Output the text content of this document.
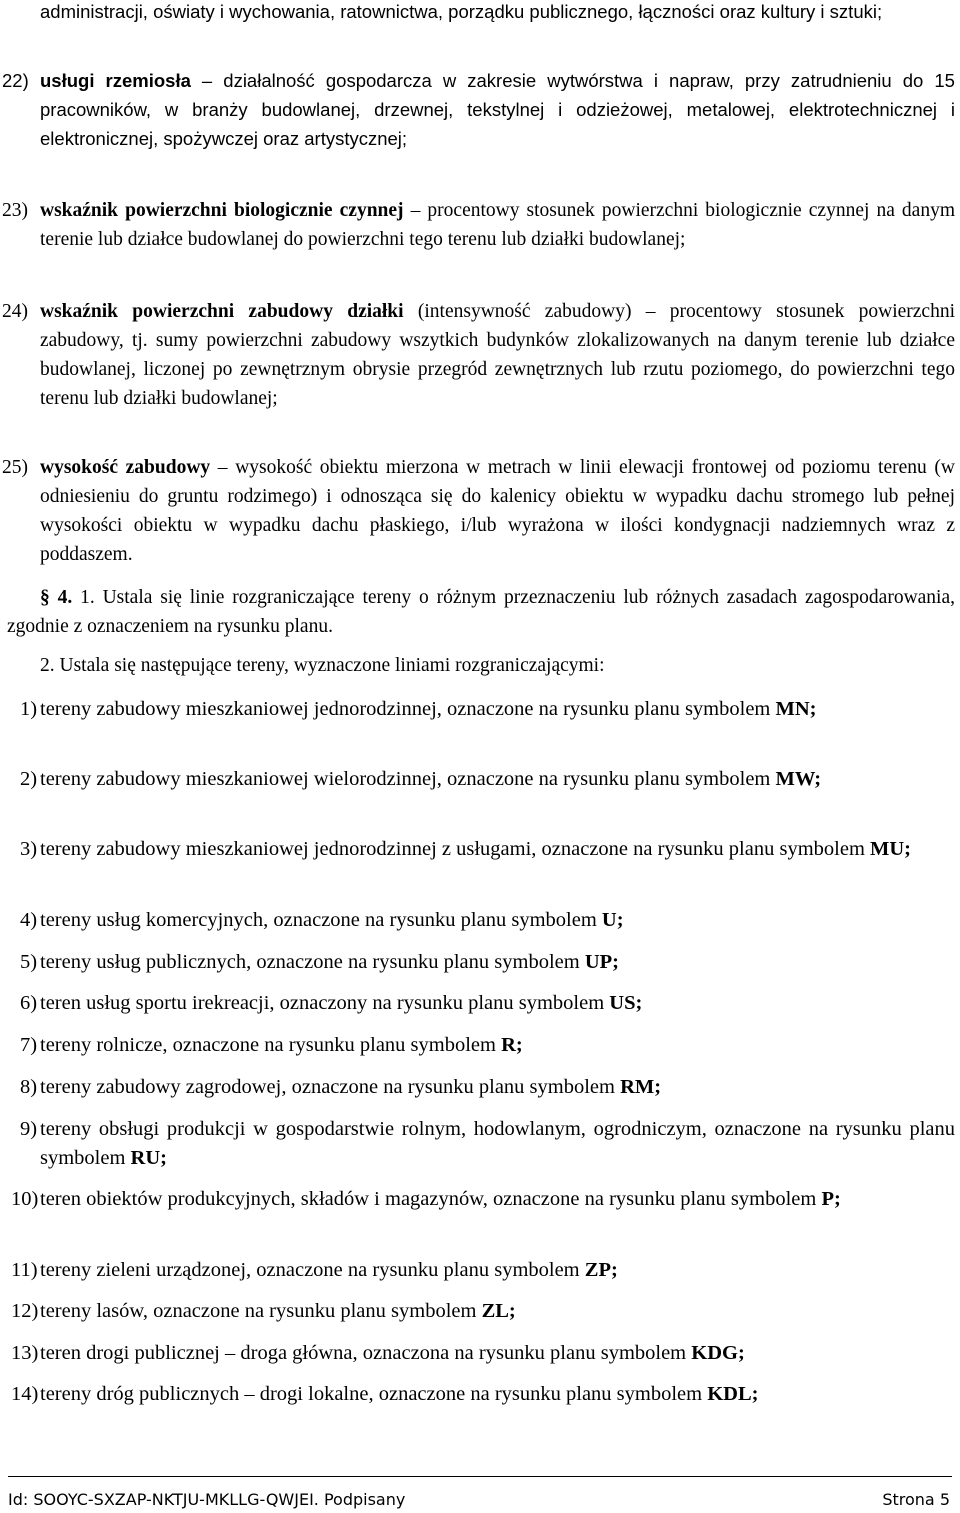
administracji, oświaty i wychowania, ratownictwa, porządku publicznego, łączności oraz kultury i sztuki;
22) usługi rzemiosła – działalność gospodarcza w zakresie wytwórstwa i napraw, przy zatrudnieniu do 15 pracowników, w branży budowlanej, drzewnej, tekstylnej i odzieżowej, metalowej, elektrotechnicznej i elektronicznej, spożywczej oraz artystycznej;
23) wskaźnik powierzchni biologicznie czynnej – procentowy stosunek powierzchni biologicznie czynnej na danym terenie lub działce budowlanej do powierzchni tego terenu lub działki budowlanej;
24) wskaźnik powierzchni zabudowy działki (intensywność zabudowy) – procentowy stosunek powierzchni zabudowy, tj. sumy powierzchni zabudowy wszytkich budynków zlokalizowanych na danym terenie lub działce budowlanej, liczonej po zewnętrznym obrysie przegród zewnętrznych lub rzutu poziomego, do powierzchni tego terenu lub działki budowlanej;
25) wysokość zabudowy – wysokość obiektu mierzona w metrach w linii elewacji frontowej od poziomu terenu (w odniesieniu do gruntu rodzimego) i odnosząca się do kalenicy obiektu w wypadku dachu stromego lub pełnej wysokości obiektu w wypadku dachu płaskiego, i/lub wyrażona w ilości kondygnacji nadziemnych wraz z poddaszem.
§ 4. 1. Ustala się linie rozgraniczające tereny o różnym przeznaczeniu lub różnych zasadach zagospodarowania, zgodnie z oznaczeniem na rysunku planu.
2. Ustala się następujące tereny, wyznaczone liniami rozgraniczającymi:
1) tereny zabudowy mieszkaniowej jednorodzinnej, oznaczone na rysunku planu symbolem MN;
2) tereny zabudowy mieszkaniowej wielorodzinnej, oznaczone na rysunku planu symbolem MW;
3) tereny zabudowy mieszkaniowej jednorodzinnej z usługami, oznaczone na rysunku planu symbolem MU;
4) tereny usług komercyjnych, oznaczone na rysunku planu symbolem U;
5) tereny usług publicznych, oznaczone na rysunku planu symbolem UP;
6) teren usług sportu irekreacji, oznaczony na rysunku planu symbolem US;
7) tereny rolnicze, oznaczone na rysunku planu symbolem R;
8) tereny zabudowy zagrodowej, oznaczone na rysunku planu symbolem RM;
9) tereny obsługi produkcji w gospodarstwie rolnym, hodowlanym, ogrodniczym, oznaczone na rysunku planu symbolem RU;
10) teren obiektów produkcyjnych, składów i magazynów, oznaczone na rysunku planu symbolem P;
11) tereny zieleni urządzonej, oznaczone na rysunku planu symbolem ZP;
12) tereny lasów, oznaczone na rysunku planu symbolem ZL;
13) teren drogi publicznej – droga główna, oznaczona na rysunku planu symbolem KDG;
14) tereny dróg publicznych – drogi lokalne, oznaczone na rysunku planu symbolem KDL;
Id: SOOYC-SXZAP-NKTJU-MKLLG-QWJEI. Podpisany	Strona 5
